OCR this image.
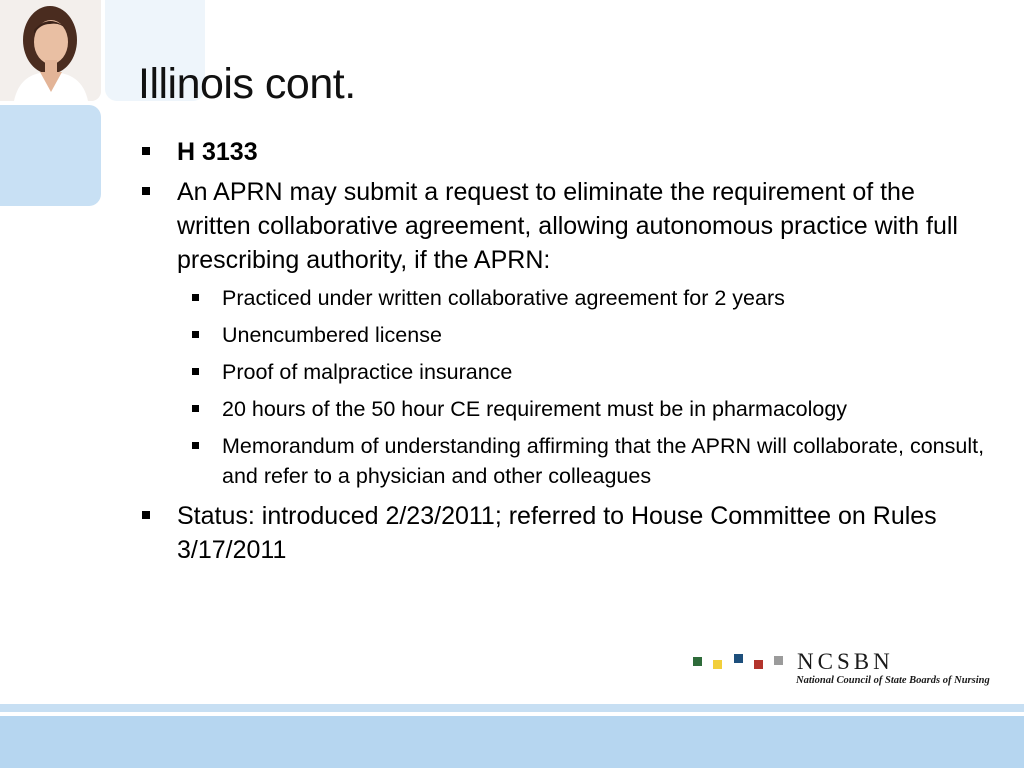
Illinois cont.
H 3133
An APRN may submit a request to eliminate the requirement of the written collaborative agreement, allowing autonomous practice with full prescribing authority, if the APRN:
Practiced under written collaborative agreement for 2 years
Unencumbered license
Proof of malpractice insurance
20 hours of the 50 hour CE requirement must be in pharmacology
Memorandum of understanding affirming that the APRN will collaborate, consult, and refer to a physician and other colleagues
Status: introduced 2/23/2011; referred to House Committee on Rules 3/17/2011
NCSBN
National Council of State Boards of Nursing
